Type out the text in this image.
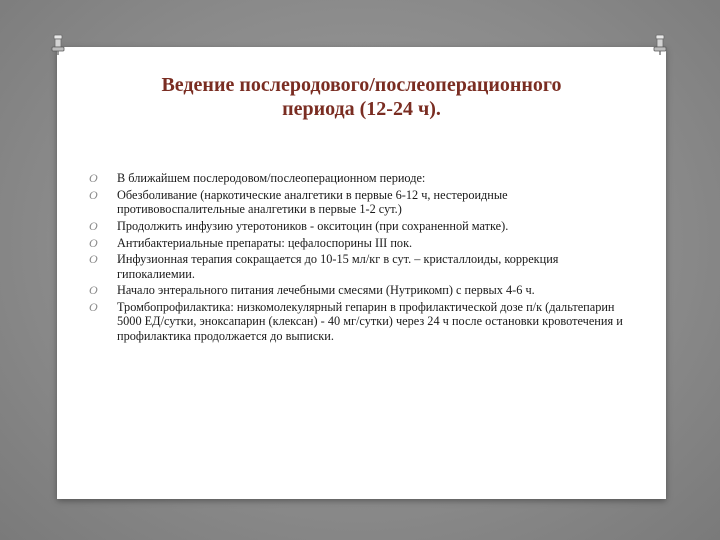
Ведение послеродового/послеоперационного
периода (12-24 ч).
O В ближайшем послеродовом/послеоперационном периоде:
O Обезболивание (наркотические аналгетики в первые 6-12 ч, нестероидные противовоспалительные аналгетики в первые 1-2 сут.)
O Продолжить инфузию утеротоников - окситоцин (при сохраненной матке).
O Антибактериальные препараты: цефалоспорины III пок.
O Инфузионная терапия сокращается до 10-15 мл/кг в сут. – кристаллоиды, коррекция гипокалиемии.
O Начало энтерального питания лечебными смесями (Нутрикомп) с первых 4-6 ч.
O Тромбопрофилактика: низкомолекулярный гепарин в профилактической дозе п/к (дальтепарин 5000 ЕД/сутки, эноксапарин (клексан) - 40 мг/сутки) через 24 ч после остановки кровотечения и профилактика продолжается до выписки.
